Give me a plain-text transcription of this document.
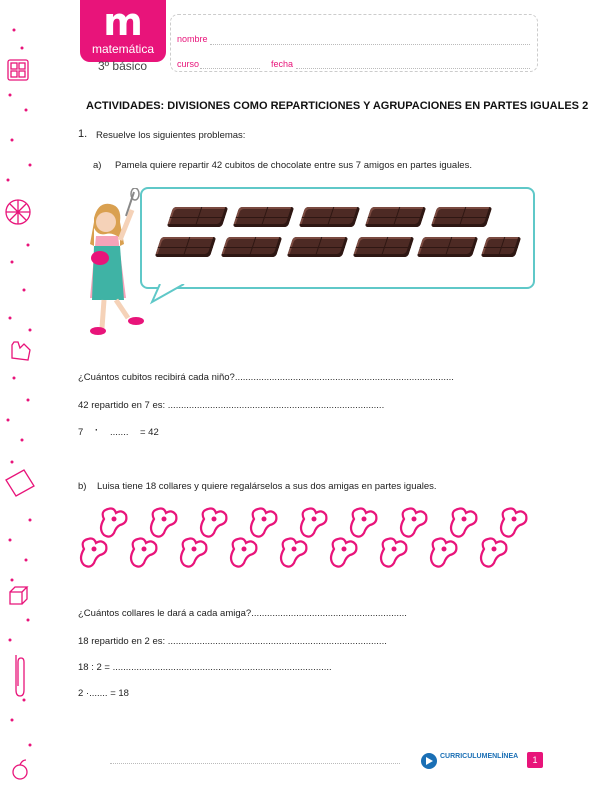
m
matemática
3º básico
nombre
curso	fecha
ACTIVIDADES: DIVISIONES COMO REPARTICIONES Y AGRUPACIONES EN PARTES IGUALES 2
1. Resuelve los siguientes problemas:
a) Pamela quiere repartir 42 cubitos de chocolate entre sus 7 amigos en partes iguales.
¿Cuántos cubitos recibirá cada niño?...................................................................................
42 repartido en 7 es: ..................................................................................
7 · ....... = 42
b) Luisa tiene 18 collares y quiere regalárselos a sus dos amigas en partes iguales.
¿Cuántos collares le dará a cada amiga?...........................................................
18 repartido en 2 es: ...................................................................................
18 : 2 = ...................................................................................
2 ·....... = 18
CURRICULUMENLÍNEA	1
